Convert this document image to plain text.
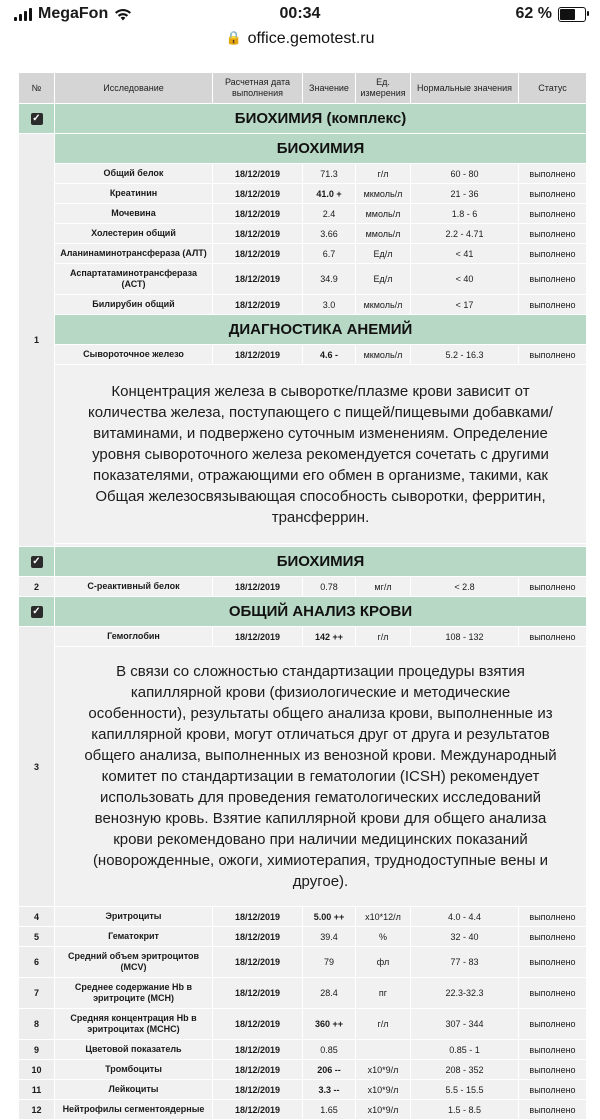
MegaFon	00:34	62 %
🔒 office.gemotest.ru
№	Исследование	Расчетная дата выполнения	Значение	Ед. измерения	Нормальные значения	Статус
✓	БИОХИМИЯ (комплекс)					
1	БИОХИМИЯ					
	Общий белок	18/12/2019	71.3	г/л	60 - 80	выполнено
	Креатинин	18/12/2019	41.0 +	мкмоль/л	21 - 36	выполнено
	Мочевина	18/12/2019	2.4	ммоль/л	1.8 - 6	выполнено
	Холестерин общий	18/12/2019	3.66	ммоль/л	2.2 - 4.71	выполнено
	Аланинаминотрансфераза (АЛТ)	18/12/2019	6.7	Ед/л	< 41	выполнено
	Аспартатаминотрансфераза (АСТ)	18/12/2019	34.9	Ед/л	< 40	выполнено
	Билирубин общий	18/12/2019	3.0	мкмоль/л	< 17	выполнено
	ДИАГНОСТИКА АНЕМИЙ					
	Сывороточное железо	18/12/2019	4.6 -	мкмоль/л	5.2 - 16.3	выполнено
	Концентрация железа в сыворотке/плазме крови зависит от количества железа, поступающего с пищей/пищевыми добавками/ витаминами, и подвержено суточным изменениям. Определение уровня сывороточного железа рекомендуется сочетать с другими показателями, отражающими его обмен в организме, такими, как Общая железосвязывающая способность сыворотки, ферритин, трансферрин.					

✓	БИОХИМИЯ					
2	С-реактивный белок	18/12/2019	0.78	мг/л	< 2.8	выполнено
✓	ОБЩИЙ АНАЛИЗ КРОВИ					
3	Гемоглобин	18/12/2019	142 ++	г/л	108 - 132	выполнено
	В связи со сложностью стандартизации процедуры взятия капиллярной крови (физиологические и методические особенности), результаты общего анализа крови, выполненные из капиллярной крови, могут отличаться друг от друга и результатов общего анализа, выполненных из венозной крови. Международный комитет по стандартизации в гематологии (ICSH) рекомендует использовать для проведения гематологических исследований венозную кровь. Взятие капиллярной крови для общего анализа крови рекомендовано при наличии медицинских показаний (новорожденные, ожоги, химиотерапия, труднодоступные вены и другое).					
4	Эритроциты	18/12/2019	5.00 ++	x10*12/л	4.0 - 4.4	выполнено
5	Гематокрит	18/12/2019	39.4	%	32 - 40	выполнено
6	Средний объем эритроцитов (MCV)	18/12/2019	79	фл	77 - 83	выполнено
7	Среднее содержание Hb в эритроците (MCH)	18/12/2019	28.4	пг	22.3-32.3	выполнено
8	Средняя концентрация Hb в эритроцитах (MCHC)	18/12/2019	360 ++	г/л	307 - 344	выполнено
9	Цветовой показатель	18/12/2019	0.85		0.85 - 1	выполнено
10	Тромбоциты	18/12/2019	206 --	x10*9/л	208 - 352	выполнено
11	Лейкоциты	18/12/2019	3.3 --	x10*9/л	5.5 - 15.5	выполнено
12	Нейтрофилы сегментоядерные	18/12/2019	1.65	x10*9/л	1.5 - 8.5	выполнено
